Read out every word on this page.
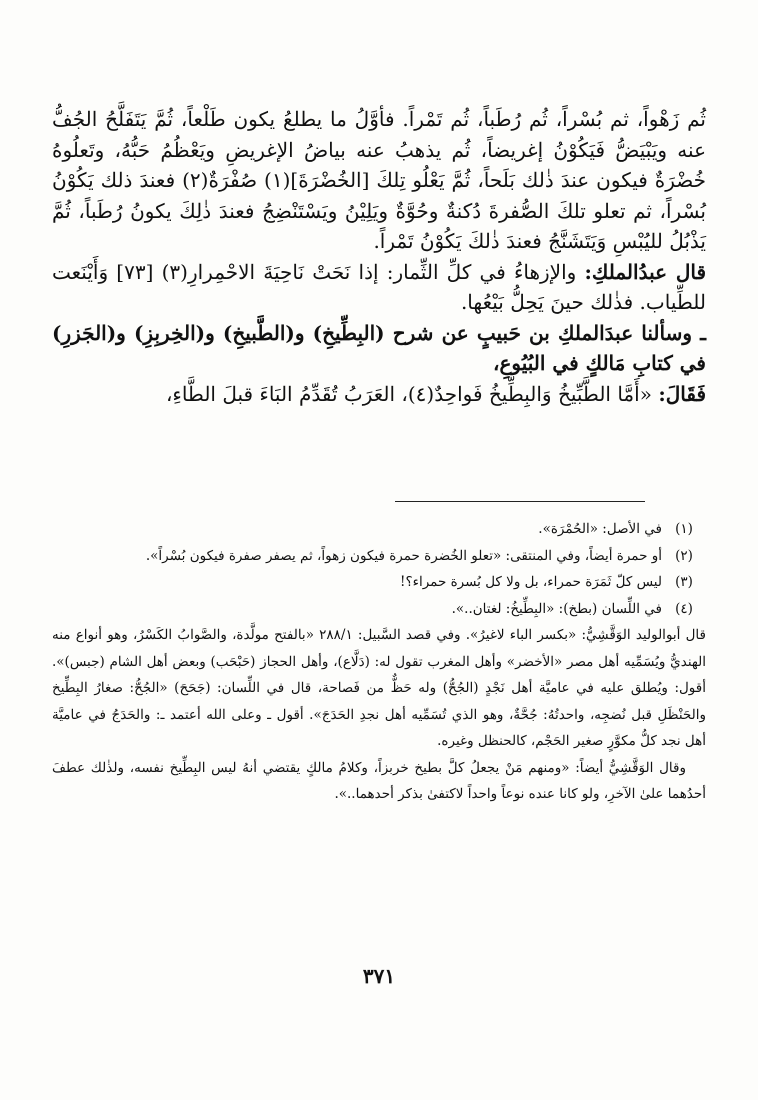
ثُم زَهْواً، ثم بُسْراً، ثُم رُطَباً، ثُم تَمْراً. فأوَّلُ ما يطلعُ يكون طَلْعاً، ثُمَّ يَتَفَلَّحُ الجُفُّ عنه ويَبْيَضُّ فَيَكُوْنُ إغريضاً، ثُم يذهبُ عنه بياضُ الإغريضِ ويَعْظُمُ حَبُّهُ، وتَعلُوهُ خُضْرَةٌ فيكون عندَ ذٰلك بَلَحاً، ثُمَّ يَعْلُو تِلكَ [الخُضْرَةَ](١) صُفْرَةٌ(٢) فعندَ ذلك يَكُوْنُ بُسْراً، ثم تعلو تلكَ الصُّفرةَ دُكنةٌ وحُوَّةٌ ويَلِيْنُ ويَسْتَنْضِجُ فعندَ ذٰلِكَ يكونُ رُطَباً، ثُمَّ يَذْبُلُ لليُبْسِ وَيَتَشَنَّجُ فعندَ ذٰلكَ يَكُوْنُ تَمْراً.

قال عبدُالملكِ: والإزهاءُ في كلِّ الثِّمار: إذا نَحَتْ نَاحِيَةَ الاحْمِرارِ(٣) [٧٣] وَأَيْنَعت للطِّياب. فذٰلك حينَ يَحِلُّ بَيْعُها.

ـ وسألنا عبدَالملكِ بن حَبيبٍ عن شرح (البِطِّيخِ) و(الطَّبيخِ) و(الخِربِزِ) و(الجَزرِ) في كتابِ مَالكٍ في البُيُوعِ،

فَقَالَ: «أَمَّا الطَّبِّيخُ وَالبِطِّيخُ فَواحِدٌ(٤)، العَرَبُ تُقَدِّمُ البَاءَ قبلَ الطَّاءِ،

(١)
في الأصل: «الحُمْرَة».
(٢)
أو حمرة أيضاً، وفي المنتقى: «تعلو الخُضرة حمرة فيكون زهواً، ثم يصفر صفرة فيكون بُسْراً».
(٣)
ليس كلّ ثَمَرَة حمراء، بل ولا كل بُسرة حمراء؟!
(٤)
في اللِّسان (بطخ): «البِطِّيخُ: لغتان..».
قال أبوالوليد الوَقَّشِيُّ: «بكسر الباء لاغيرُ». وفي قصد السَّبيل: ٢٨٨/١ «بالفتح مولَّدة، والصَّوابُ الكَسْرُ، وهو أنواع منه الهنديُّ ويُسَمِّيه أهل مصر «الأخضر» وأهل المغرب تقول له: (دَلَّاع)، وأهل الحجاز (حَبْحَب) وبعض أهل الشام (جبس)». أقول: ويُطلق عليه في عاميَّة أهل نَجْدٍ (الجُحُّ) وله حَظٌّ من فَصاحة، قال في اللِّسان: (جَحَحَ) «الجُحُّ: صغارُ البِطِّيخ والحَنْظَلِ قبل نُضجِه، واحدتُهُ: جُحَّةٌ، وهو الذي تُسَمِّيه أهل نجدِ الحَدَجَ». أقول ـ وعلى الله أعتمد ـ: والحَدَجُ في عاميَّة أهل نجد كلُّ مكوَّرٍ صغير الحَجْم، كالحنظل وغيره.
وقال الوَقَّشِيُّ أيضاً: «ومنهم مَنْ يجعلُ كلَّ بطيخ خربزاً، وكلامُ مالكٍ يقتضي أنهُ ليس البِطِّيخ نفسه، ولذٰلك عطفَ أحدُهما علىٰ الآخرِ، ولو كانا عنده نوعاً واحداً لاكتفىٰ بذكر أحدهما..».
٣٧١
